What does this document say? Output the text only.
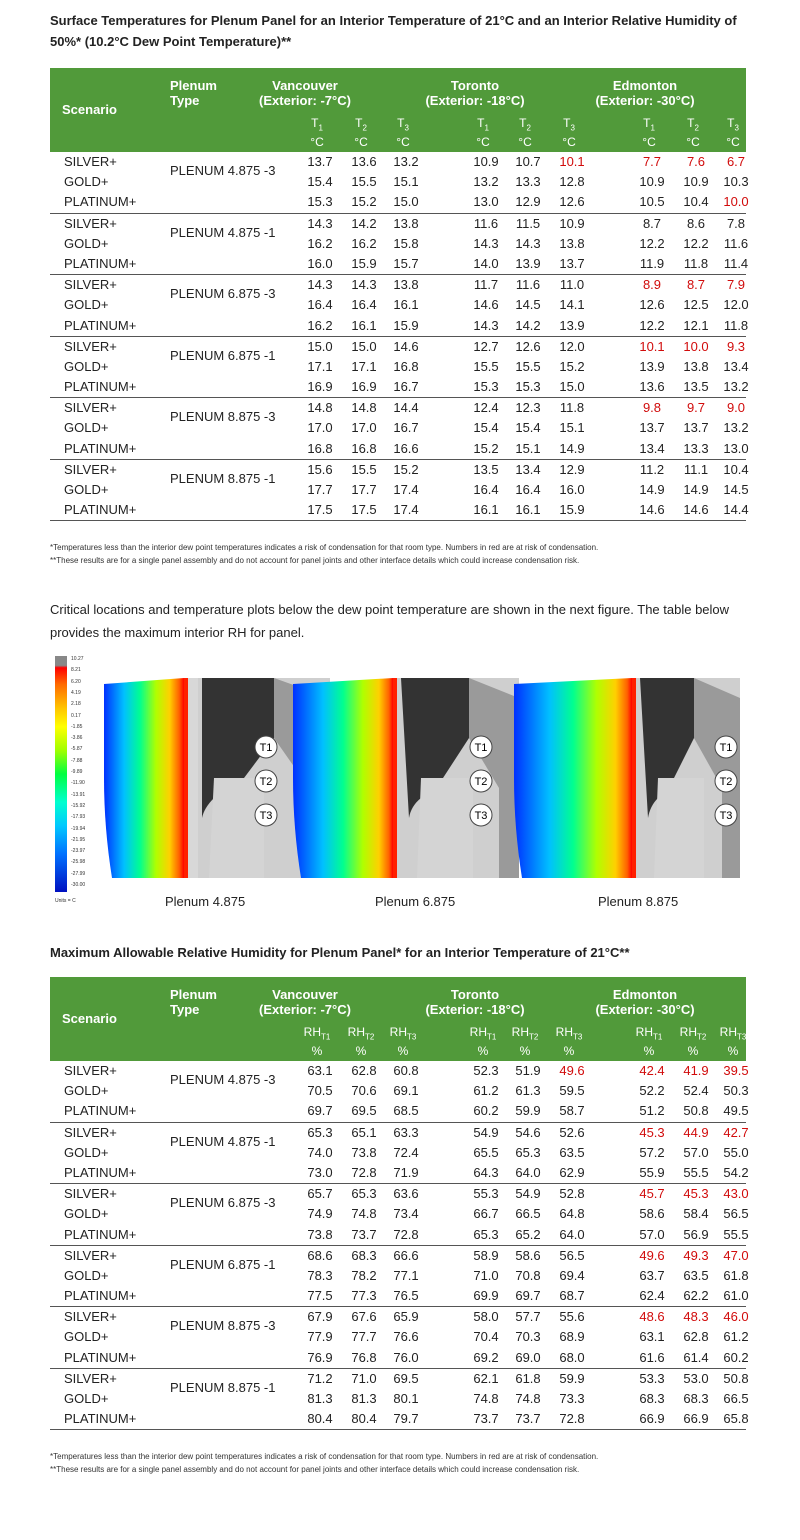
Surface Temperatures for Plenum Panel for an Interior Temperature of 21°C and an Interior Relative Humidity of 50%* (10.2°C Dew Point Temperature)**
Scenario
Plenum Type
Vancouver
(Exterior: -7°C)
Toronto
(Exterior: -18°C)
Edmonton
(Exterior: -30°C)
$T_1$
°C
$T_2$
°C
$T_3$
°C
$T_1$
°C
$T_2$
°C
$T_3$
°C
$T_1$
°C
$T_2$
°C
$T_3$
°C
PLENUM 4.875 -3
SILVER+	13.7	13.6	13.2	10.9	10.7	10.1	7.7	7.6	6.7
GOLD+	15.4	15.5	15.1	13.2	13.3	12.8	10.9	10.9	10.3
PLATINUM+	15.3	15.2	15.0	13.0	12.9	12.6	10.5	10.4	10.0
PLENUM 4.875 -1
SILVER+	14.3	14.2	13.8	11.6	11.5	10.9	8.7	8.6	7.8
GOLD+	16.2	16.2	15.8	14.3	14.3	13.8	12.2	12.2	11.6
PLATINUM+	16.0	15.9	15.7	14.0	13.9	13.7	11.9	11.8	11.4
PLENUM 6.875 -3
SILVER+	14.3	14.3	13.8	11.7	11.6	11.0	8.9	8.7	7.9
GOLD+	16.4	16.4	16.1	14.6	14.5	14.1	12.6	12.5	12.0
PLATINUM+	16.2	16.1	15.9	14.3	14.2	13.9	12.2	12.1	11.8
PLENUM 6.875 -1
SILVER+	15.0	15.0	14.6	12.7	12.6	12.0	10.1	10.0	9.3
GOLD+	17.1	17.1	16.8	15.5	15.5	15.2	13.9	13.8	13.4
PLATINUM+	16.9	16.9	16.7	15.3	15.3	15.0	13.6	13.5	13.2
PLENUM 8.875 -3
SILVER+	14.8	14.8	14.4	12.4	12.3	11.8	9.8	9.7	9.0
GOLD+	17.0	17.0	16.7	15.4	15.4	15.1	13.7	13.7	13.2
PLATINUM+	16.8	16.8	16.6	15.2	15.1	14.9	13.4	13.3	13.0
PLENUM 8.875 -1
SILVER+	15.6	15.5	15.2	13.5	13.4	12.9	11.2	11.1	10.4
GOLD+	17.7	17.7	17.4	16.4	16.4	16.0	14.9	14.9	14.5
PLATINUM+	17.5	17.5	17.4	16.1	16.1	15.9	14.6	14.6	14.4
*Temperatures less than the interior dew point temperatures indicates a risk of condensation for that room type. Numbers in red are at risk of condensation.
**These results are for a single panel assembly and do not account for panel joints and other interface details which could increase condensation risk.
Critical locations and temperature plots below the dew point temperature are shown in the next figure. The table below provides the maximum interior RH for panel.
10.27
8.21
6.20
4.19
2.18
0.17
-1.85
-3.86
-5.87
-7.88
-9.89
-11.90
-13.91
-15.92
-17.93
-19.94
-21.95
-23.97
-25.98
-27.99
-30.00
Units = C
T1
T2
T3
T1
T2
T3
T1
T2
T3
Plenum 4.875	Plenum 6.875	Plenum 8.875
Maximum Allowable Relative Humidity for Plenum Panel* for an Interior Temperature of 21°C**
Scenario
Plenum Type
Vancouver
(Exterior: -7°C)
Toronto
(Exterior: -18°C)
Edmonton
(Exterior: -30°C)
$RH_{T1}$
%
$RH_{T2}$
%
$RH_{T3}$
%
$RH_{T1}$
%
$RH_{T2}$
%
$RH_{T3}$
%
$RH_{T1}$
%
$RH_{T2}$
%
$RH_{T3}$
%
PLENUM 4.875 -3
SILVER+	63.1	62.8	60.8	52.3	51.9	49.6	42.4	41.9	39.5
GOLD+	70.5	70.6	69.1	61.2	61.3	59.5	52.2	52.4	50.3
PLATINUM+	69.7	69.5	68.5	60.2	59.9	58.7	51.2	50.8	49.5
PLENUM 4.875 -1
SILVER+	65.3	65.1	63.3	54.9	54.6	52.6	45.3	44.9	42.7
GOLD+	74.0	73.8	72.4	65.5	65.3	63.5	57.2	57.0	55.0
PLATINUM+	73.0	72.8	71.9	64.3	64.0	62.9	55.9	55.5	54.2
PLENUM 6.875 -3
SILVER+	65.7	65.3	63.6	55.3	54.9	52.8	45.7	45.3	43.0
GOLD+	74.9	74.8	73.4	66.7	66.5	64.8	58.6	58.4	56.5
PLATINUM+	73.8	73.7	72.8	65.3	65.2	64.0	57.0	56.9	55.5
PLENUM 6.875 -1
SILVER+	68.6	68.3	66.6	58.9	58.6	56.5	49.6	49.3	47.0
GOLD+	78.3	78.2	77.1	71.0	70.8	69.4	63.7	63.5	61.8
PLATINUM+	77.5	77.3	76.5	69.9	69.7	68.7	62.4	62.2	61.0
PLENUM 8.875 -3
SILVER+	67.9	67.6	65.9	58.0	57.7	55.6	48.6	48.3	46.0
GOLD+	77.9	77.7	76.6	70.4	70.3	68.9	63.1	62.8	61.2
PLATINUM+	76.9	76.8	76.0	69.2	69.0	68.0	61.6	61.4	60.2
PLENUM 8.875 -1
SILVER+	71.2	71.0	69.5	62.1	61.8	59.9	53.3	53.0	50.8
GOLD+	81.3	81.3	80.1	74.8	74.8	73.3	68.3	68.3	66.5
PLATINUM+	80.4	80.4	79.7	73.7	73.7	72.8	66.9	66.9	65.8
*Temperatures less than the interior dew point temperatures indicates a risk of condensation for that room type. Numbers in red are at risk of condensation.
**These results are for a single panel assembly and do not account for panel joints and other interface details which could increase condensation risk.
